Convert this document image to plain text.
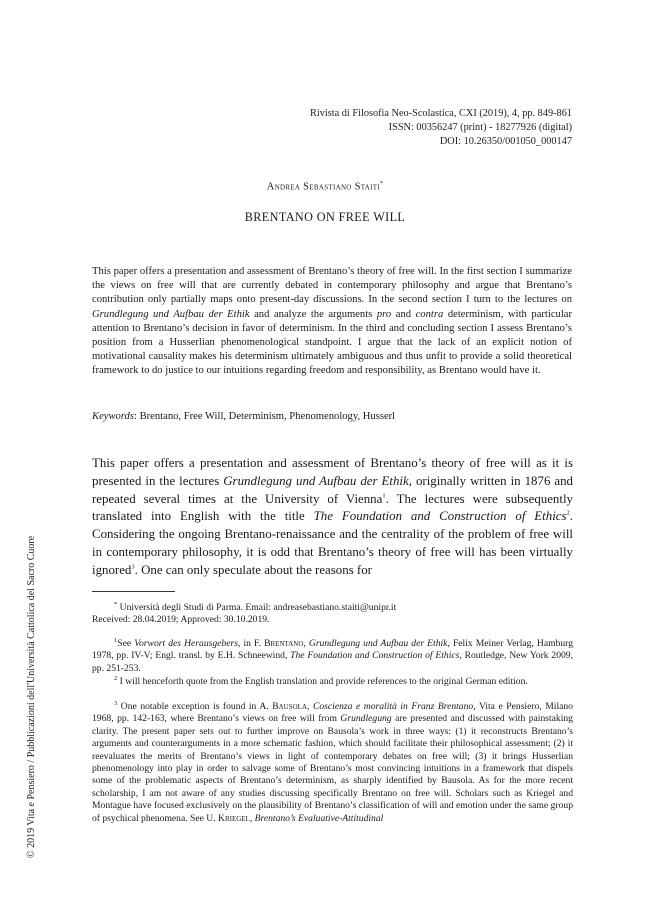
© 2019 Vita e Pensiero / Pubblicazioni dell'Università Cattolica del Sacro Cuore
Rivista di Filosofia Neo-Scolastica, CXI (2019), 4, pp. 849-861
ISSN: 00356247 (print) - 18277926 (digital)
DOI: 10.26350/001050_000147
Andrea Sebastiano Staiti*
BRENTANO ON FREE WILL

This paper offers a presentation and assessment of Brentano’s theory of free will. In the first section I summarize the views on free will that are currently debated in contemporary philosophy and argue that Brentano’s contribution only partially maps onto present-day discussions. In the second section I turn to the lectures on Grundlegung und Aufbau der Ethik and analyze the arguments pro and contra determinism, with particular attention to Brentano’s decision in favor of determinism. In the third and concluding section I assess Brentano’s position from a Husserlian phenomenological standpoint. I argue that the lack of an explicit notion of motivational causality makes his determinism ultimately ambiguous and thus unfit to provide a solid theoretical framework to do justice to our intuitions regarding freedom and responsibility, as Brentano would have it.

Keywords: Brentano, Free Will, Determinism, Phenomenology, Husserl

This paper offers a presentation and assessment of Brentano’s theory of free will as it is presented in the lectures Grundlegung und Aufbau der Ethik, originally written in 1876 and repeated several times at the University of Vienna$^1$. The lectures were subsequently translated into English with the title The Foundation and Construction of Ethics$^2$. Considering the ongoing Brentano-renaissance and the centrality of the problem of free will in contemporary philosophy, it is odd that Brentano’s theory of free will has been virtually ignored$^3$. One can only speculate about the reasons for

* Università degli Studi di Parma. Email: andreasebastiano.staiti@unipr.it
Received: 28.04.2019; Approved: 30.10.2019.

$^1$See Vorwort des Herausgebers, in F. Brentano, Grundlegung und Aufbau der Ethik, Felix Meiner Verlag, Hamburg 1978, pp. IV-V; Engl. transl. by E.H. Schneewind, The Foundation and Construction of Ethics, Routledge, New York 2009, pp. 251-253.

$^2$ I will henceforth quote from the English translation and provide references to the original German edition.

$^3$ One notable exception is found in A. Bausola, Coscienza e moralità in Franz Brentano, Vita e Pensiero, Milano 1968, pp. 142-163, where Brentano’s views on free will from Grundlegung are presented and discussed with painstaking clarity. The present paper sets out to further improve on Bausola’s work in three ways: (1) it reconstructs Brentano’s arguments and counterarguments in a more schematic fashion, which should facilitate their philosophical assessment; (2) it reevaluates the merits of Brentano’s views in light of contemporary debates on free will; (3) it brings Husserlian phenomenology into play in order to salvage some of Brentano’s most convincing intuitions in a framework that dispels some of the problematic aspects of Brentano’s determinism, as sharply identified by Bausola. As for the more recent scholarship, I am not aware of any studies discussing specifically Brentano on free will. Scholars such as Kriegel and Montague have focused exclusively on the plausibility of Brentano’s classification of will and emotion under the same group of psychical phenomena. See U. Kriegel, Brentano’s Evaluative-Attitudinal
